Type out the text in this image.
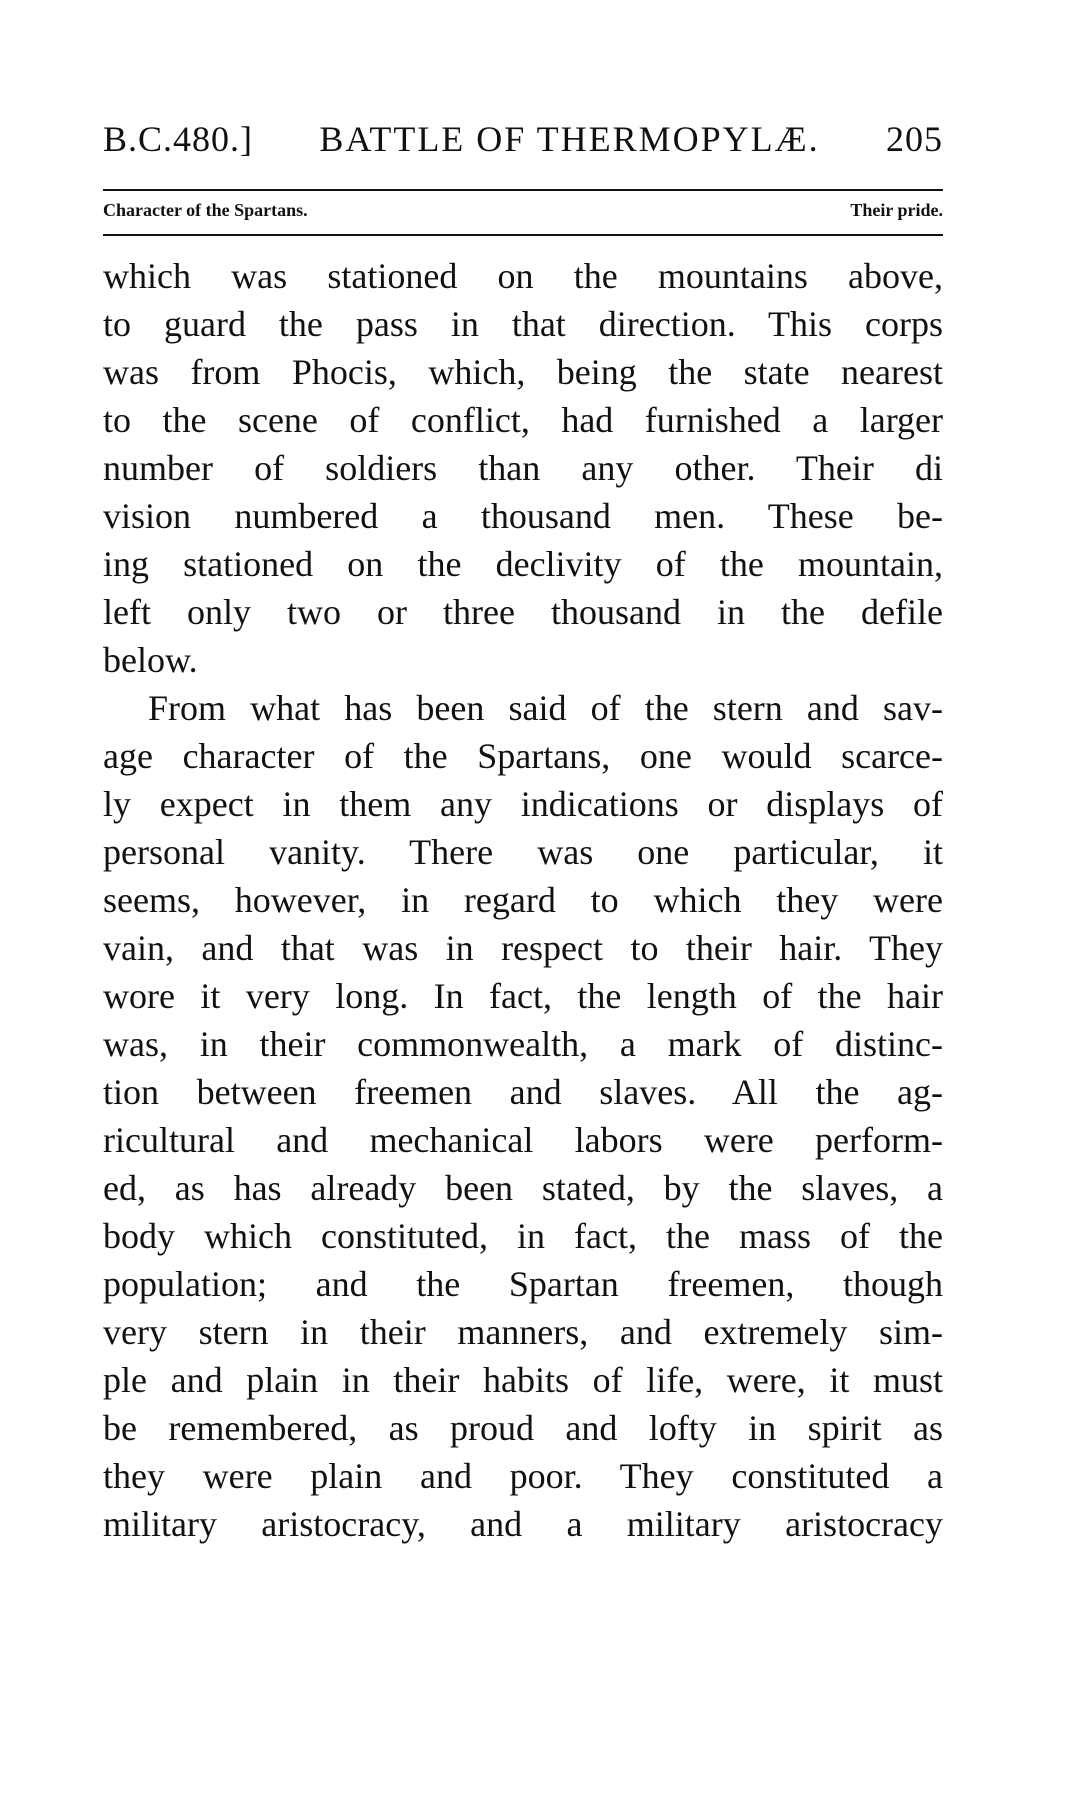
B.C.480.] BATTLE OF THERMOPYLÆ. 205
Character of the Spartans.	Their pride.
which was stationed on the mountains above,
to guard the pass in that direction. This corps
was from Phocis, which, being the state nearest
to the scene of conflict, had furnished a larger
number of soldiers than any other. Their di
vision numbered a thousand men. These be-
ing stationed on the declivity of the mountain,
left only two or three thousand in the defile
below.
From what has been said of the stern and sav-
age character of the Spartans, one would scarce-
ly expect in them any indications or displays of
personal vanity. There was one particular, it
seems, however, in regard to which they were
vain, and that was in respect to their hair. They
wore it very long. In fact, the length of the hair
was, in their commonwealth, a mark of distinc-
tion between freemen and slaves. All the ag-
ricultural and mechanical labors were perform-
ed, as has already been stated, by the slaves, a
body which constituted, in fact, the mass of the
population; and the Spartan freemen, though
very stern in their manners, and extremely sim-
ple and plain in their habits of life, were, it must
be remembered, as proud and lofty in spirit as
they were plain and poor. They constituted a
military aristocracy, and a military aristocracy
